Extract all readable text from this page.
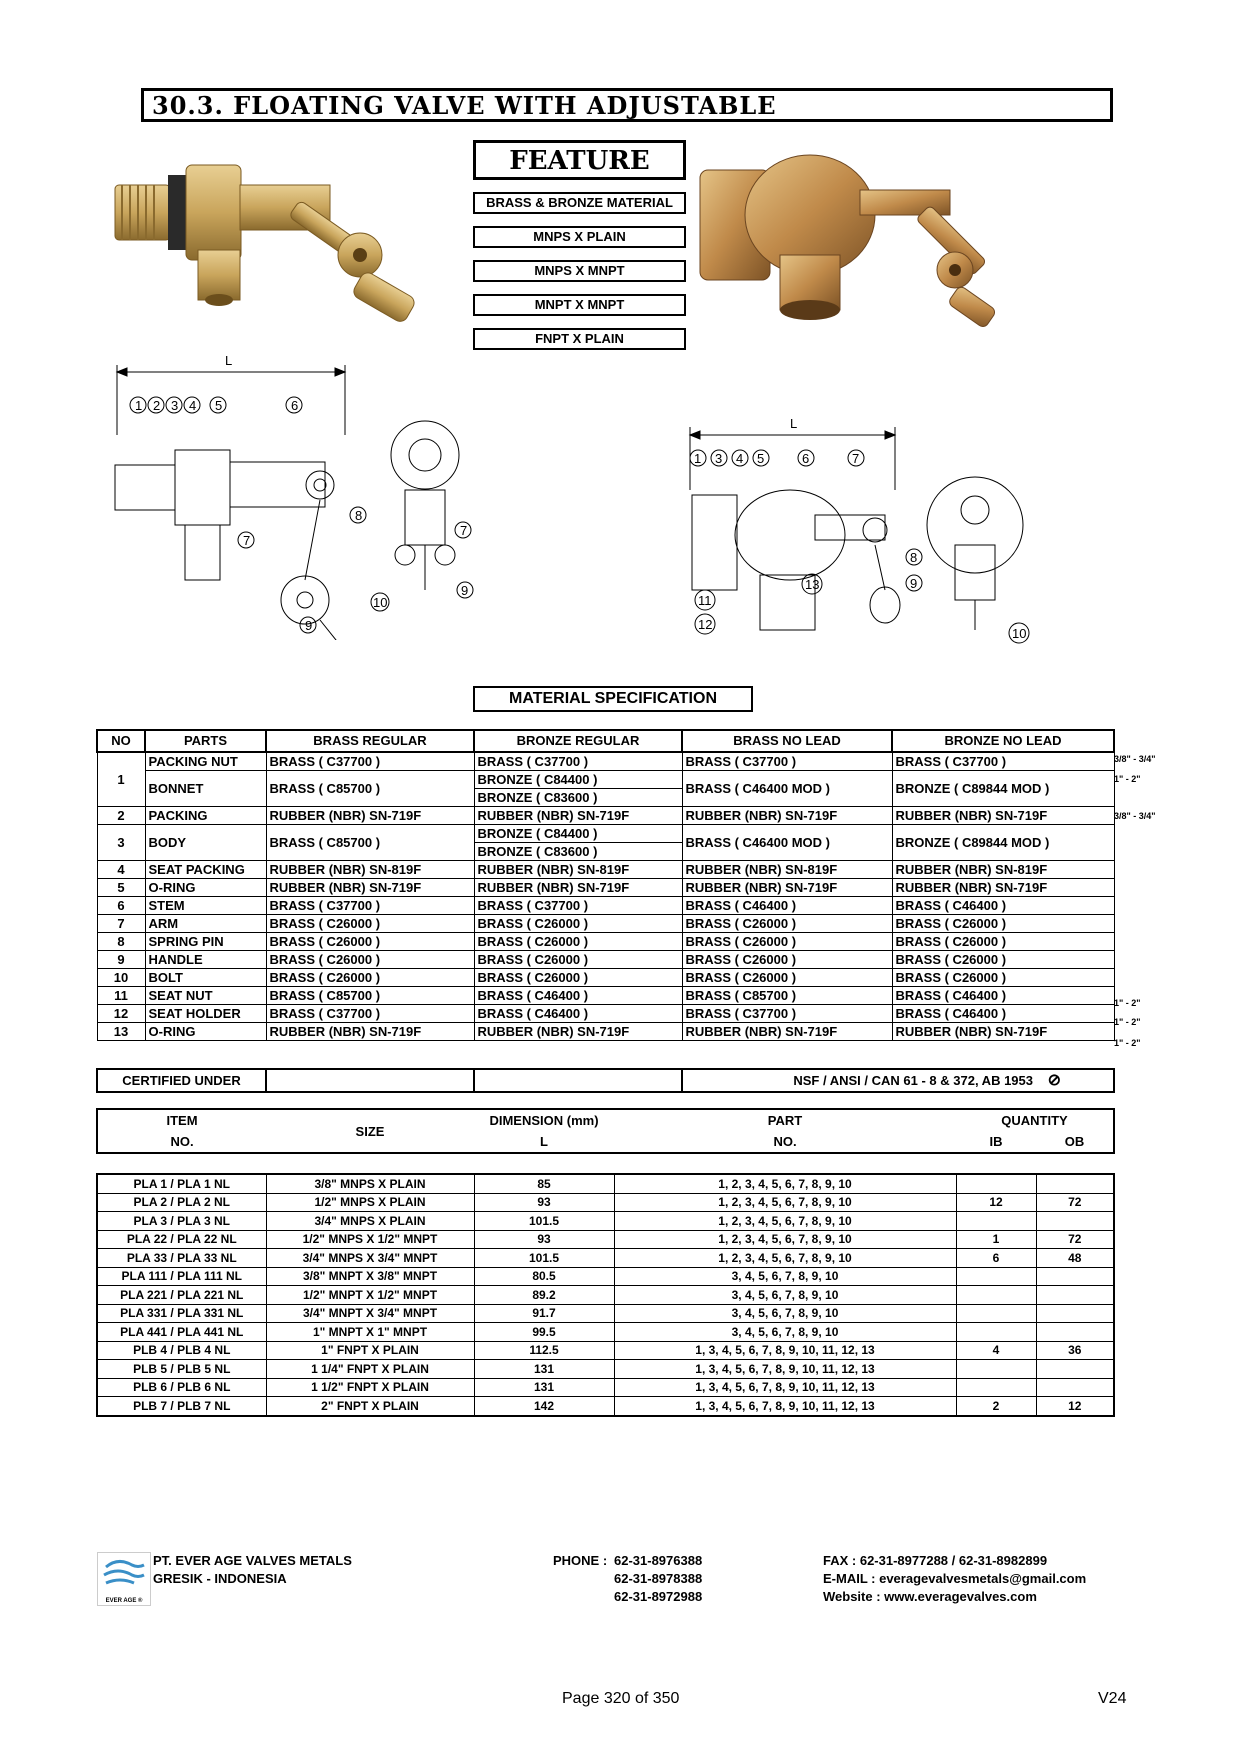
30.3. FLOATING VALVE WITH ADJUSTABLE
FEATURE
BRASS & BRONZE MATERIAL
MNPS X PLAIN
MNPS X MNPT
MNPT X MNPT
FNPT X PLAIN
L
1 2 3 4 5	6
7
9
8
7
9
10
L
1 3 4 5	6	7
11
12
13
8
9
10
MATERIAL SPECIFICATION
NO	PARTS	BRASS REGULAR	BRONZE REGULAR	BRASS NO LEAD	BRONZE NO LEAD
1	PACKING NUT	BRASS ( C37700 )	BRASS ( C37700 )	BRASS ( C37700 )	BRASS ( C37700 )
	BONNET	BRASS ( C85700 )	BRONZE ( C84400 )	BRASS ( C46400 MOD )	BRONZE ( C89844 MOD )
			BRONZE ( C83600 )		
2	PACKING	RUBBER (NBR) SN-719F	RUBBER (NBR) SN-719F	RUBBER (NBR) SN-719F	RUBBER (NBR) SN-719F
3	BODY	BRASS ( C85700 )	BRONZE ( C84400 )	BRASS ( C46400 MOD )	BRONZE ( C89844 MOD )
			BRONZE ( C83600 )		
4	SEAT PACKING	RUBBER (NBR) SN-819F	RUBBER (NBR) SN-819F	RUBBER (NBR) SN-819F	RUBBER (NBR) SN-819F
5	O-RING	RUBBER (NBR) SN-719F	RUBBER (NBR) SN-719F	RUBBER (NBR) SN-719F	RUBBER (NBR) SN-719F
6	STEM	BRASS ( C37700 )	BRASS ( C37700 )	BRASS ( C46400 )	BRASS ( C46400 )
7	ARM	BRASS ( C26000 )	BRASS ( C26000 )	BRASS ( C26000 )	BRASS ( C26000 )
8	SPRING PIN	BRASS ( C26000 )	BRASS ( C26000 )	BRASS ( C26000 )	BRASS ( C26000 )
9	HANDLE	BRASS ( C26000 )	BRASS ( C26000 )	BRASS ( C26000 )	BRASS ( C26000 )
10	BOLT	BRASS ( C26000 )	BRASS ( C26000 )	BRASS ( C26000 )	BRASS ( C26000 )
11	SEAT NUT	BRASS ( C85700 )	BRASS ( C46400 )	BRASS ( C85700 )	BRASS ( C46400 )
12	SEAT HOLDER	BRASS ( C37700 )	BRASS ( C46400 )	BRASS ( C37700 )	BRASS ( C46400 )
13	O-RING	RUBBER (NBR) SN-719F	RUBBER (NBR) SN-719F	RUBBER (NBR) SN-719F	RUBBER (NBR) SN-719F
3/8" - 3/4"
1" - 2"
3/8" - 3/4"
1" - 2"
1" - 2"
1" - 2"
CERTIFIED UNDER			NSF / ANSI / CAN 61 - 8 & 372, AB 1953 ⊘
ITEM	SIZE	DIMENSION (mm)	PART	QUANTITY	
NO.		L	NO.	IB	OB
PLA 1 / PLA 1 NL	3/8" MNPS X PLAIN	85	1, 2, 3, 4, 5, 6, 7, 8, 9, 10		
PLA 2 / PLA 2 NL	1/2" MNPS X PLAIN	93	1, 2, 3, 4, 5, 6, 7, 8, 9, 10	12	72
PLA 3 / PLA 3 NL	3/4" MNPS X PLAIN	101.5	1, 2, 3, 4, 5, 6, 7, 8, 9, 10		
PLA 22 / PLA 22 NL	1/2" MNPS X 1/2" MNPT	93	1, 2, 3, 4, 5, 6, 7, 8, 9, 10	1	72
PLA 33 / PLA 33 NL	3/4" MNPS X 3/4" MNPT	101.5	1, 2, 3, 4, 5, 6, 7, 8, 9, 10	6	48
PLA 111 / PLA 111 NL	3/8" MNPT X 3/8" MNPT	80.5	3, 4, 5, 6, 7, 8, 9, 10		
PLA 221 / PLA 221 NL	1/2" MNPT X 1/2" MNPT	89.2	3, 4, 5, 6, 7, 8, 9, 10		
PLA 331 / PLA 331 NL	3/4" MNPT X 3/4" MNPT	91.7	3, 4, 5, 6, 7, 8, 9, 10		
PLA 441 / PLA 441 NL	1" MNPT X 1" MNPT	99.5	3, 4, 5, 6, 7, 8, 9, 10		
PLB 4 / PLB 4 NL	1" FNPT X PLAIN	112.5	1, 3, 4, 5, 6, 7, 8, 9, 10, 11, 12, 13	4	36
PLB 5 / PLB 5 NL	1 1/4" FNPT X PLAIN	131	1, 3, 4, 5, 6, 7, 8, 9, 10, 11, 12, 13		
PLB 6 / PLB 6 NL	1 1/2" FNPT X PLAIN	131	1, 3, 4, 5, 6, 7, 8, 9, 10, 11, 12, 13		
PLB 7 / PLB 7 NL	2" FNPT X PLAIN	142	1, 3, 4, 5, 6, 7, 8, 9, 10, 11, 12, 13	2	12
EVER AGE ®
PT. EVER AGE VALVES METALS
GRESIK - INDONESIA
PHONE : 62-31-8976388
62-31-8978388
62-31-8972988
FAX : 62-31-8977288 / 62-31-8982899
E-MAIL : everagevalvesmetals@gmail.com
Website : www.everagevalves.com
Page 320 of 350	V24
